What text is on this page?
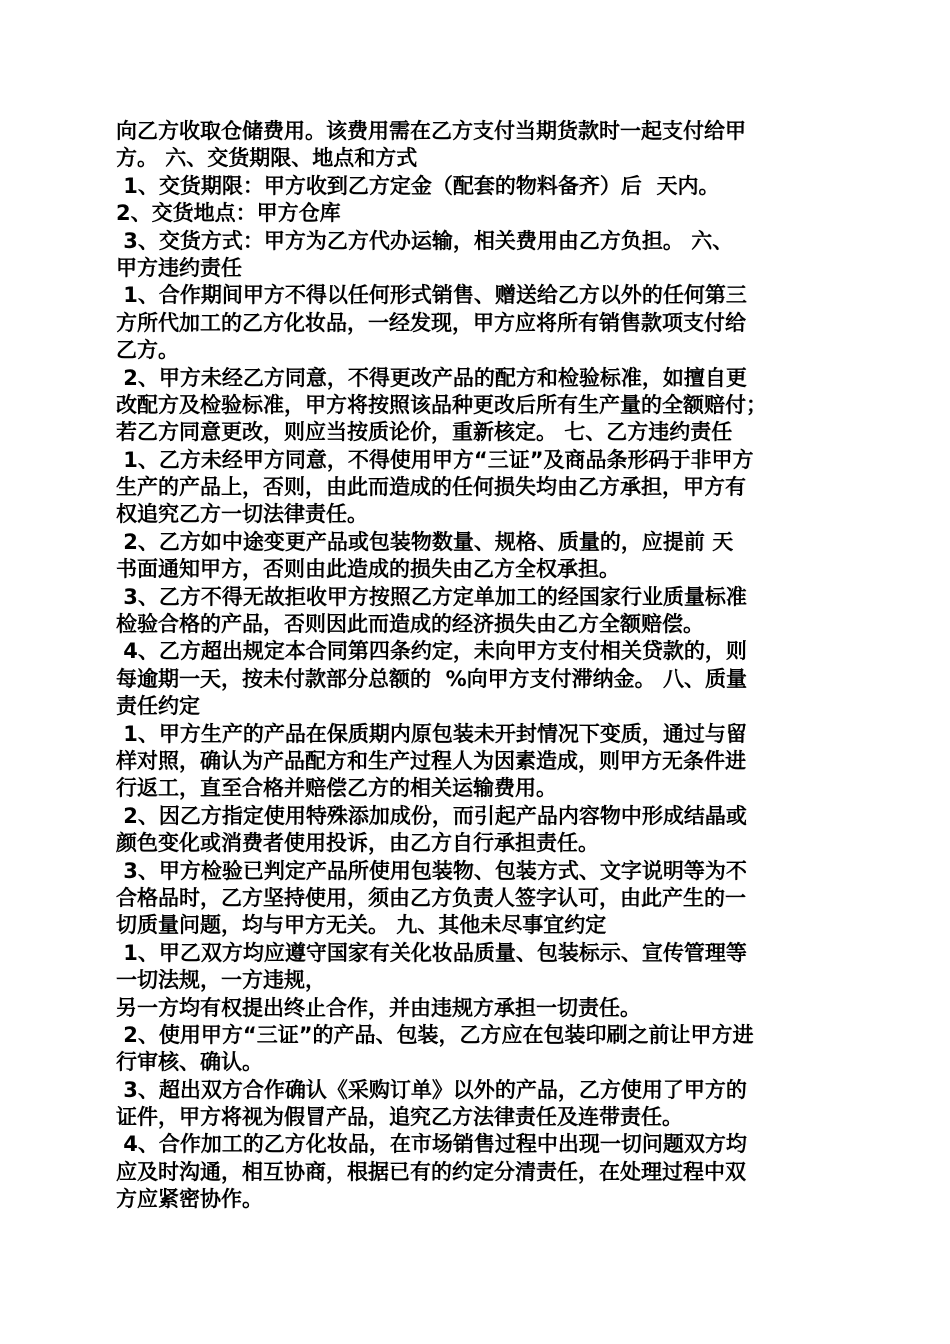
向乙方收取仓储费用。该费用需在乙方支付当期货款时一起支付给甲
方。 六、交货期限、地点和方式
1、交货期限：甲方收到乙方定金（配套的物料备齐）后  天内。
2、交货地点：甲方仓库
3、交货方式：甲方为乙方代办运输，相关费用由乙方负担。 六、
甲方违约责任
1、合作期间甲方不得以任何形式销售、赠送给乙方以外的任何第三
方所代加工的乙方化妆品，一经发现，甲方应将所有销售款项支付给
乙方。
2、甲方未经乙方同意，不得更改产品的配方和检验标准，如擅自更
改配方及检验标准，甲方将按照该品种更改后所有生产量的全额赔付；
若乙方同意更改，则应当按质论价，重新核定。 七、乙方违约责任
1、乙方未经甲方同意，不得使用甲方“三证”及商品条形码于非甲方
生产的产品上，否则，由此而造成的任何损失均由乙方承担，甲方有
权追究乙方一切法律责任。
2、乙方如中途变更产品或包装物数量、规格、质量的，应提前 天
书面通知甲方，否则由此造成的损失由乙方全权承担。
3、乙方不得无故拒收甲方按照乙方定单加工的经国家行业质量标准
检验合格的产品，否则因此而造成的经济损失由乙方全额赔偿。
4、乙方超出规定本合同第四条约定，未向甲方支付相关贷款的，则
每逾期一天，按未付款部分总额的  %向甲方支付滞纳金。 八、质量
责任约定
1、甲方生产的产品在保质期内原包装未开封情况下变质，通过与留
样对照，确认为产品配方和生产过程人为因素造成，则甲方无条件进
行返工，直至合格并赔偿乙方的相关运输费用。
2、因乙方指定使用特殊添加成份，而引起产品内容物中形成结晶或
颜色变化或消费者使用投诉，由乙方自行承担责任。
3、甲方检验已判定产品所使用包装物、包装方式、文字说明等为不
合格品时，乙方坚持使用，须由乙方负责人签字认可，由此产生的一
切质量问题，均与甲方无关。 九、其他未尽事宜约定
1、甲乙双方均应遵守国家有关化妆品质量、包装标示、宣传管理等
一切法规，一方违规，
另一方均有权提出终止合作，并由违规方承担一切责任。
2、使用甲方“三证”的产品、包装，乙方应在包装印刷之前让甲方进
行审核、确认。
3、超出双方合作确认《采购订单》以外的产品，乙方使用了甲方的
证件，甲方将视为假冒产品，追究乙方法律责任及连带责任。
4、合作加工的乙方化妆品，在市场销售过程中出现一切问题双方均
应及时沟通，相互协商，根据已有的约定分清责任，在处理过程中双
方应紧密协作。
